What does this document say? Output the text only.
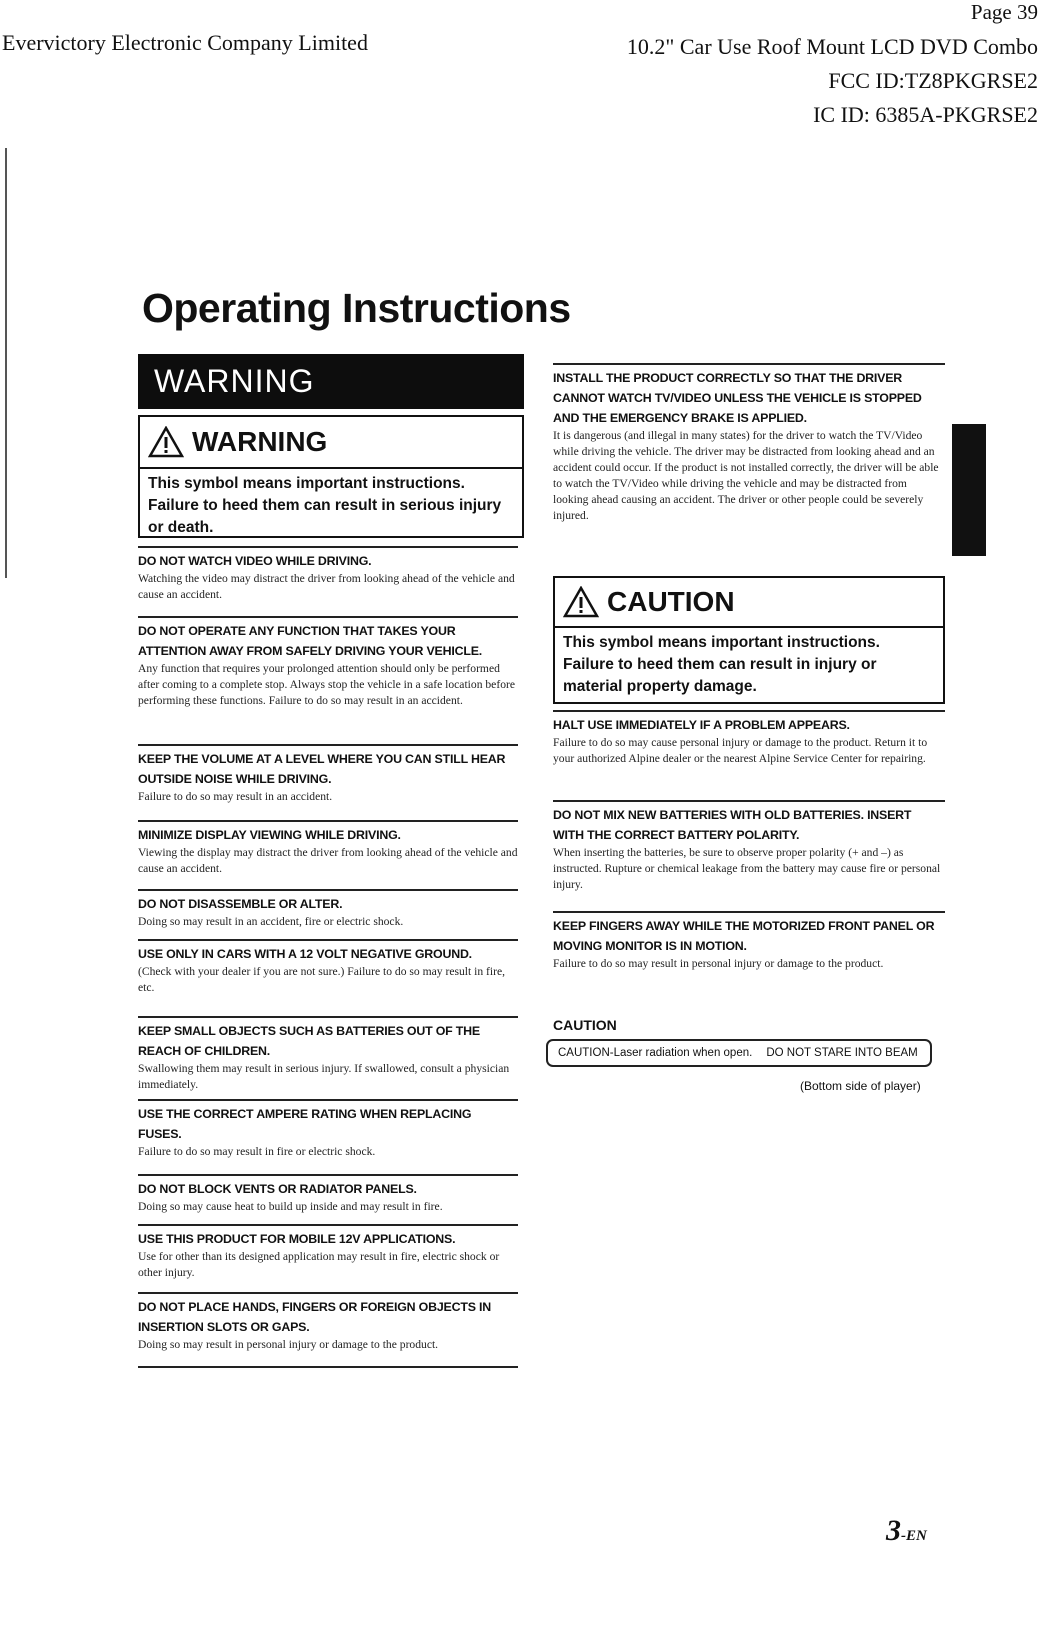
Page 39
Evervictory Electronic Company Limited	10.2" Car Use Roof Mount LCD DVD Combo
FCC ID:TZ8PKGRSE2
IC ID: 6385A-PKGRSE2
Operating Instructions
WARNING
WARNING
This symbol means important instructions. Failure to heed them can result in serious injury or death.
DO NOT WATCH VIDEO WHILE DRIVING.
Watching the video may distract the driver from looking ahead of the vehicle and cause an accident.
DO NOT OPERATE ANY FUNCTION THAT TAKES YOUR ATTENTION AWAY FROM SAFELY DRIVING YOUR VEHICLE.
Any function that requires your prolonged attention should only be performed after coming to a complete stop. Always stop the vehicle in a safe location before performing these functions. Failure to do so may result in an accident.
KEEP THE VOLUME AT A LEVEL WHERE YOU CAN STILL HEAR OUTSIDE NOISE WHILE DRIVING.
Failure to do so may result in an accident.
MINIMIZE DISPLAY VIEWING WHILE DRIVING.
Viewing the display may distract the driver from looking ahead of the vehicle and cause an accident.
DO NOT DISASSEMBLE OR ALTER.
Doing so may result in an accident, fire or electric shock.
USE ONLY IN CARS WITH A 12 VOLT NEGATIVE GROUND.
(Check with your dealer if you are not sure.) Failure to do so may result in fire, etc.
KEEP SMALL OBJECTS SUCH AS BATTERIES OUT OF THE REACH OF CHILDREN.
Swallowing them may result in serious injury. If swallowed, consult a physician immediately.
USE THE CORRECT AMPERE RATING WHEN REPLACING FUSES.
Failure to do so may result in fire or electric shock.
DO NOT BLOCK VENTS OR RADIATOR PANELS.
Doing so may cause heat to build up inside and may result in fire.
USE THIS PRODUCT FOR MOBILE 12V APPLICATIONS.
Use for other than its designed application may result in fire, electric shock or other injury.
DO NOT PLACE HANDS, FINGERS OR FOREIGN OBJECTS IN INSERTION SLOTS OR GAPS.
Doing so may result in personal injury or damage to the product.
INSTALL THE PRODUCT CORRECTLY SO THAT THE DRIVER CANNOT WATCH TV/VIDEO UNLESS THE VEHICLE IS STOPPED AND THE EMERGENCY BRAKE IS APPLIED.
It is dangerous (and illegal in many states) for the driver to watch the TV/Video while driving the vehicle. The driver may be distracted from looking ahead and an accident could occur. If the product is not installed correctly, the driver will be able to watch the TV/Video while driving the vehicle and may be distracted from looking ahead causing an accident. The driver or other people could be severely injured.
CAUTION
This symbol means important instructions. Failure to heed them can result in injury or material property damage.
HALT USE IMMEDIATELY IF A PROBLEM APPEARS.
Failure to do so may cause personal injury or damage to the product. Return it to your authorized Alpine dealer or the nearest Alpine Service Center for repairing.
DO NOT MIX NEW BATTERIES WITH OLD BATTERIES. INSERT WITH THE CORRECT BATTERY POLARITY.
When inserting the batteries, be sure to observe proper polarity (+ and –) as instructed. Rupture or chemical leakage from the battery may cause fire or personal injury.
KEEP FINGERS AWAY WHILE THE MOTORIZED FRONT PANEL OR MOVING MONITOR IS IN MOTION.
Failure to do so may result in personal injury or damage to the product.
CAUTION
CAUTION-Laser radiation when open. DO NOT STARE INTO BEAM
(Bottom side of player)
3-EN
